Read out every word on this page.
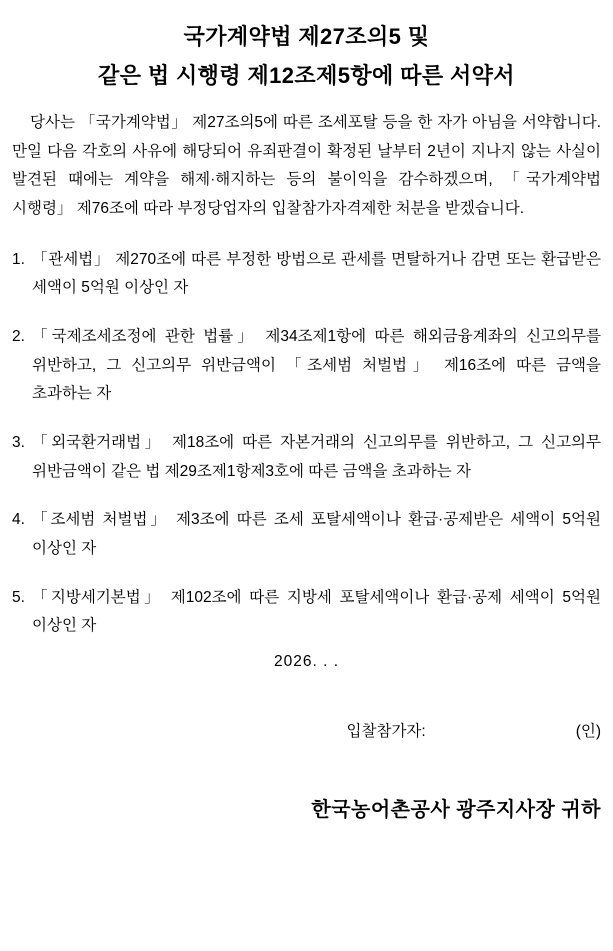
국가계약법 제27조의5 및
같은 법 시행령 제12조제5항에 따른 서약서

당사는 「국가계약법」 제27조의5에 따른 조세포탈 등을 한 자가 아님을 서약합니다. 만일 다음 각호의 사유에 해당되어 유죄판결이 확정된 날부터 2년이 지나지 않는 사실이 발견된 때에는 계약을 해제·해지하는 등의 불이익을 감수하겠으며, 「국가계약법 시행령」 제76조에 따라 부정당업자의 입찰참가자격제한 처분을 받겠습니다.

1. 「관세법」 제270조에 따른 부정한 방법으로 관세를 면탈하거나 감면 또는 환급받은 세액이 5억원 이상인 자
2. 「국제조세조정에 관한 법률」 제34조제1항에 따른 해외금융계좌의 신고의무를 위반하고, 그 신고의무 위반금액이 「조세범 처벌법」 제16조에 따른 금액을 초과하는 자
3. 「외국환거래법」 제18조에 따른 자본거래의 신고의무를 위반하고, 그 신고의무 위반금액이 같은 법 제29조제1항제3호에 따른 금액을 초과하는 자
4. 「조세범 처벌법」 제3조에 따른 조세 포탈세액이나 환급·공제받은 세액이 5억원 이상인 자
5. 「지방세기본법」 제102조에 따른 지방세 포탈세액이나 환급·공제 세액이 5억원 이상인 자
2026. . .
입찰참가자:	(인)
한국농어촌공사 광주지사장 귀하
